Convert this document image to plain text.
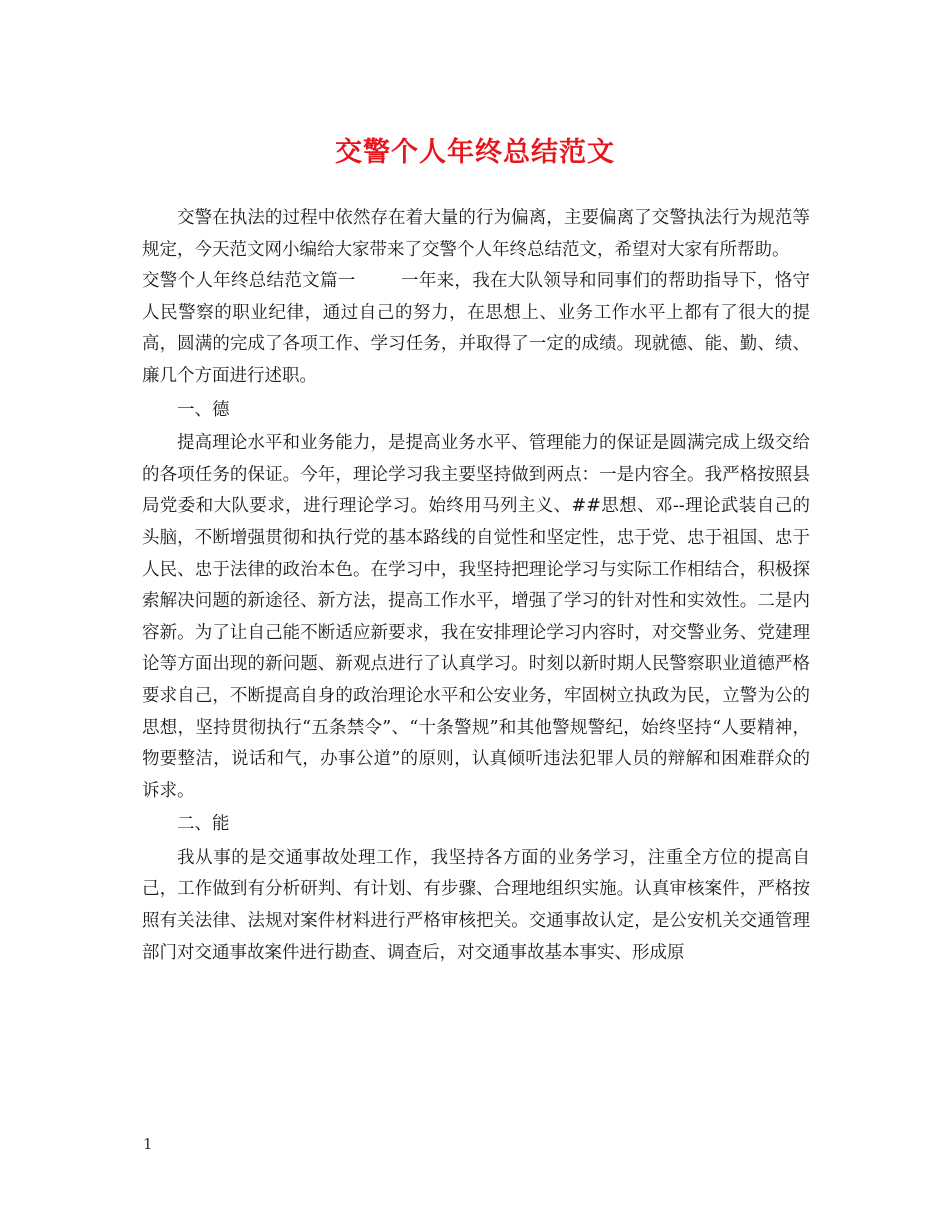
交警个人年终总结范文

交警在执法的过程中依然存在着大量的行为偏离，主要偏离了交警执法行为规范等规定，今天范文网小编给大家带来了交警个人年终总结范文，希望对大家有所帮助。

交警个人年终总结范文篇一	一年来，我在大队领导和同事们的帮助指导下，恪守人民警察的职业纪律，通过自己的努力，在思想上、业务工作水平上都有了很大的提高，圆满的完成了各项工作、学习任务，并取得了一定的成绩。现就德、能、勤、绩、廉几个方面进行述职。

一、德

提高理论水平和业务能力，是提高业务水平、管理能力的保证是圆满完成上级交给的各项任务的保证。今年，理论学习我主要坚持做到两点：一是内容全。我严格按照县局党委和大队要求，进行理论学习。始终用马列主义、##思想、邓--理论武装自己的头脑，不断增强贯彻和执行党的基本路线的自觉性和坚定性，忠于党、忠于祖国、忠于人民、忠于法律的政治本色。在学习中，我坚持把理论学习与实际工作相结合，积极探索解决问题的新途径、新方法，提高工作水平，增强了学习的针对性和实效性。二是内容新。为了让自己能不断适应新要求，我在安排理论学习内容时，对交警业务、党建理论等方面出现的新问题、新观点进行了认真学习。时刻以新时期人民警察职业道德严格要求自己，不断提高自身的政治理论水平和公安业务，牢固树立执政为民，立警为公的思想，坚持贯彻执行“五条禁令”、“十条警规”和其他警规警纪，始终坚持“人要精神，物要整洁，说话和气，办事公道”的原则，认真倾听违法犯罪人员的辩解和困难群众的诉求。

二、能

我从事的是交通事故处理工作，我坚持各方面的业务学习，注重全方位的提高自己，工作做到有分析研判、有计划、有步骤、合理地组织实施。认真审核案件，严格按照有关法律、法规对案件材料进行严格审核把关。交通事故认定，是公安机关交通管理部门对交通事故案件进行勘查、调查后，对交通事故基本事实、形成原

1
